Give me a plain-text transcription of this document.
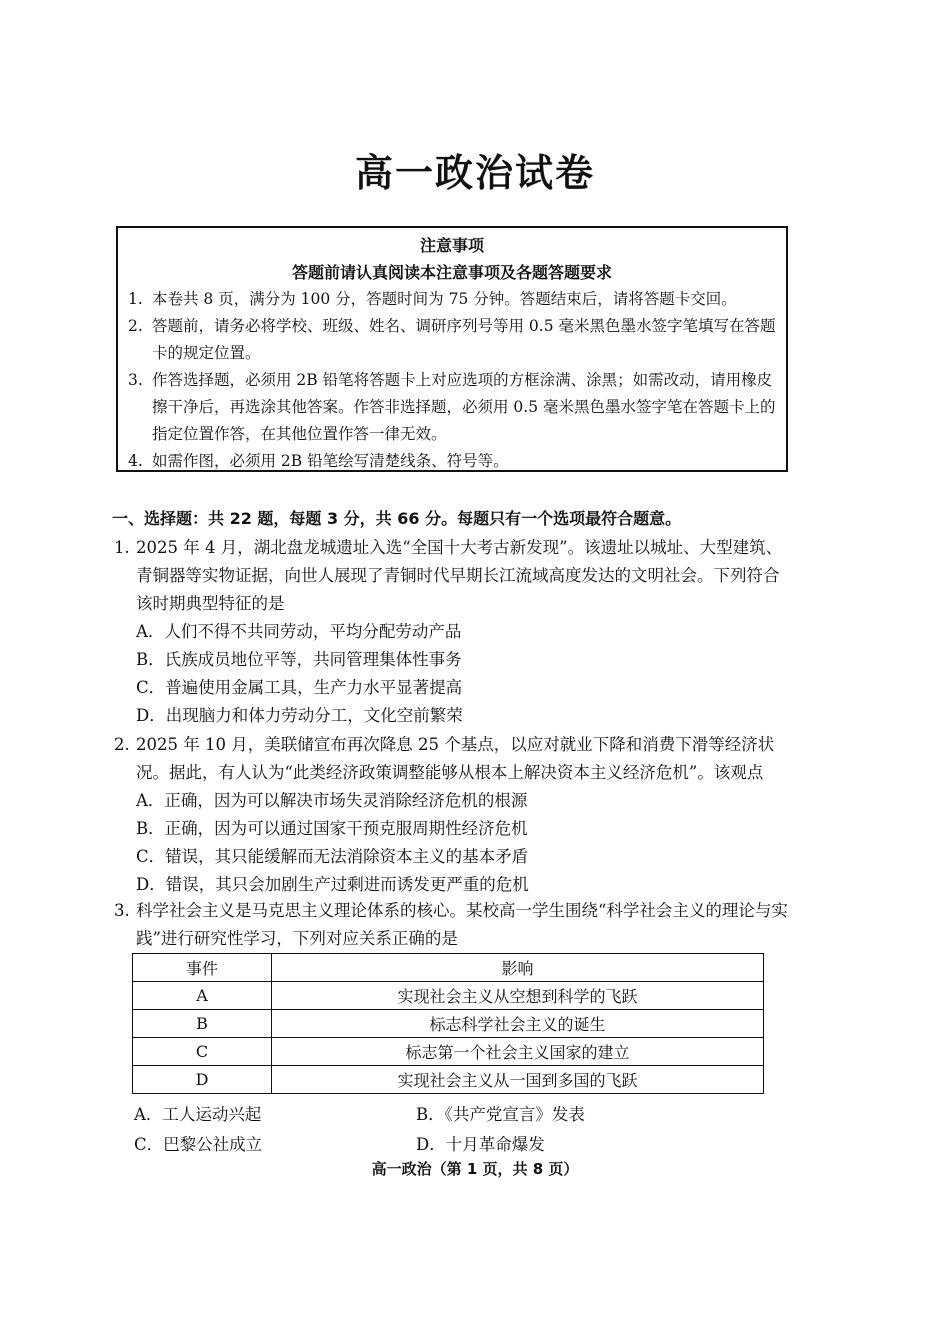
高一政治试卷
注意事项
答题前请认真阅读本注意事项及各题答题要求
1. 本卷共 8 页，满分为 100 分，答题时间为 75 分钟。答题结束后，请将答题卡交回。
2. 答题前，请务必将学校、班级、姓名、调研序列号等用 0.5 毫米黑色墨水签字笔填写在答题卡的规定位置。
3. 作答选择题，必须用 2B 铅笔将答题卡上对应选项的方框涂满、涂黑；如需改动，请用橡皮擦干净后，再选涂其他答案。作答非选择题，必须用 0.5 毫米黑色墨水签字笔在答题卡上的指定位置作答，在其他位置作答一律无效。
4. 如需作图，必须用 2B 铅笔绘写清楚线条、符号等。
一、选择题：共 22 题，每题 3 分，共 66 分。每题只有一个选项最符合题意。
1. 2025 年 4 月，湖北盘龙城遗址入选“全国十大考古新发现”。该遗址以城址、大型建筑、青铜器等实物证据，向世人展现了青铜时代早期长江流域高度发达的文明社会。下列符合该时期典型特征的是
A．人们不得不共同劳动，平均分配劳动产品
B．氏族成员地位平等，共同管理集体性事务
C．普遍使用金属工具，生产力水平显著提高
D．出现脑力和体力劳动分工，文化空前繁荣
2. 2025 年 10 月，美联储宣布再次降息 25 个基点，以应对就业下降和消费下滑等经济状况。据此，有人认为“此类经济政策调整能够从根本上解决资本主义经济危机”。该观点
A．正确，因为可以解决市场失灵消除经济危机的根源
B．正确，因为可以通过国家干预克服周期性经济危机
C．错误，其只能缓解而无法消除资本主义的基本矛盾
D．错误，其只会加剧生产过剩进而诱发更严重的危机
3. 科学社会主义是马克思主义理论体系的核心。某校高一学生围绕“科学社会主义的理论与实践”进行研究性学习，下列对应关系正确的是
事件	影响
A	实现社会主义从空想到科学的飞跃
B	标志科学社会主义的诞生
C	标志第一个社会主义国家的建立
D	实现社会主义从一国到多国的飞跃
A．工人运动兴起	B．《共产党宣言》发表
C．巴黎公社成立	D．十月革命爆发
高一政治（第 1 页，共 8 页）
